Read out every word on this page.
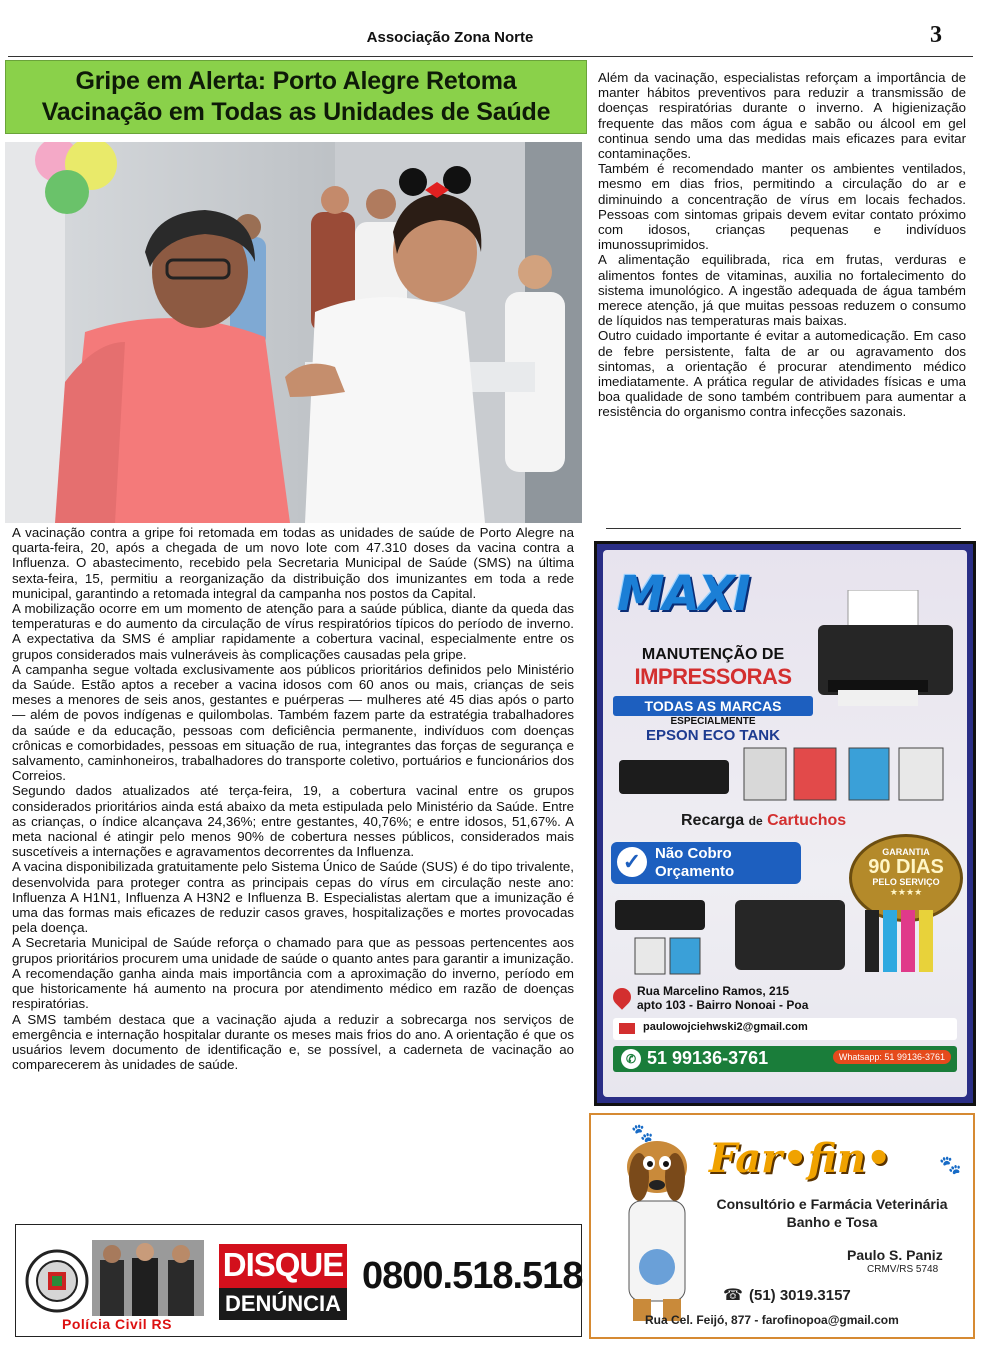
Associação Zona Norte	3
Gripe em Alerta: Porto Alegre Retoma
Vacinação em Todas as Unidades de Saúde

A vacinação contra a gripe foi retomada em todas as unidades de saúde de Porto Alegre na quarta-feira, 20, após a chegada de um novo lote com 47.310 doses da vacina contra a Influenza. O abastecimento, recebido pela Secretaria Municipal de Saúde (SMS) na última sexta-feira, 15, permitiu a reorganização da distribuição dos imunizantes em toda a rede municipal, garantindo a retomada integral da campanha nos postos da Capital.

A mobilização ocorre em um momento de atenção para a saúde pública, diante da queda das temperaturas e do aumento da circulação de vírus respiratórios típicos do período de inverno. A expectativa da SMS é ampliar rapidamente a cobertura vacinal, especialmente entre os grupos considerados mais vulneráveis às complicações causadas pela gripe.

A campanha segue voltada exclusivamente aos públicos prioritários definidos pelo Ministério da Saúde. Estão aptos a receber a vacina idosos com 60 anos ou mais, crianças de seis meses a menores de seis anos, gestantes e puérperas — mulheres até 45 dias após o parto — além de povos indígenas e quilombolas. Também fazem parte da estratégia trabalhadores da saúde e da educação, pessoas com deficiência permanente, indivíduos com doenças crônicas e comorbidades, pessoas em situação de rua, integrantes das forças de segurança e salvamento, caminhoneiros, trabalhadores do transporte coletivo, portuários e funcionários dos Correios.

Segundo dados atualizados até terça-feira, 19, a cobertura vacinal entre os grupos considerados prioritários ainda está abaixo da meta estipulada pelo Ministério da Saúde. Entre as crianças, o índice alcançava 24,36%; entre gestantes, 40,76%; e entre idosos, 51,67%. A meta nacional é atingir pelo menos 90% de cobertura nesses públicos, considerados mais suscetíveis a internações e agravamentos decorrentes da Influenza.

A vacina disponibilizada gratuitamente pelo Sistema Único de Saúde (SUS) é do tipo trivalente, desenvolvida para proteger contra as principais cepas do vírus em circulação neste ano: Influenza A H1N1, Influenza A H3N2 e Influenza B. Especialistas alertam que a imunização é uma das formas mais eficazes de reduzir casos graves, hospitalizações e mortes provocadas pela doença.

A Secretaria Municipal de Saúde reforça o chamado para que as pessoas pertencentes aos grupos prioritários procurem uma unidade de saúde o quanto antes para garantir a imunização. A recomendação ganha ainda mais importância com a aproximação do inverno, período em que historicamente há aumento na procura por atendimento médico em razão de doenças respiratórias.

A SMS também destaca que a vacinação ajuda a reduzir a sobrecarga nos serviços de emergência e internação hospitalar durante os meses mais frios do ano. A orientação é que os usuários levem documento de identificação e, se possível, a caderneta de vacinação ao comparecerem às unidades de saúde.

Além da vacinação, especialistas reforçam a importância de manter hábitos preventivos para reduzir a transmissão de doenças respiratórias durante o inverno. A higienização frequente das mãos com água e sabão ou álcool em gel continua sendo uma das medidas mais eficazes para evitar contaminações.

Também é recomendado manter os ambientes ventilados, mesmo em dias frios, permitindo a circulação do ar e diminuindo a concentração de vírus em locais fechados. Pessoas com sintomas gripais devem evitar contato próximo com idosos, crianças pequenas e indivíduos imunossuprimidos.

A alimentação equilibrada, rica em frutas, verduras e alimentos fontes de vitaminas, auxilia no fortalecimento do sistema imunológico. A ingestão adequada de água também merece atenção, já que muitas pessoas reduzem o consumo de líquidos nas temperaturas mais baixas.

Outro cuidado importante é evitar a automedicação. Em caso de febre persistente, falta de ar ou agravamento dos sintomas, a orientação é procurar atendimento médico imediatamente. A prática regular de atividades físicas e uma boa qualidade de sono também contribuem para aumentar a resistência do organismo contra infecções sazonais.

Polícia Civil RS
DISQUE
DENÚNCIA
0800.518.518
MAXI
MANUTENÇÃO DE
IMPRESSORAS
TODAS AS MARCAS
ESPECIALMENTE
EPSON ECO TANK
Recarga de Cartuchos
✓ Não Cobro
Orçamento
GARANTIA
90 DIAS
PELO SERVIÇO
★★★★
Rua Marcelino Ramos, 215
apto 103 - Bairro Nonoai - Poa
paulowojciehwski2@gmail.com
✆ 51 99136-3761	Whatsapp: 51 99136-3761
🐾
🐾
Far•fin•
Consultório e Farmácia Veterinária
Banho e Tosa
Paulo S. Paniz
CRMV/RS 5748
☎ (51) 3019.3157
Rua Cel. Feijó, 877 - farofinopoa@gmail.com
